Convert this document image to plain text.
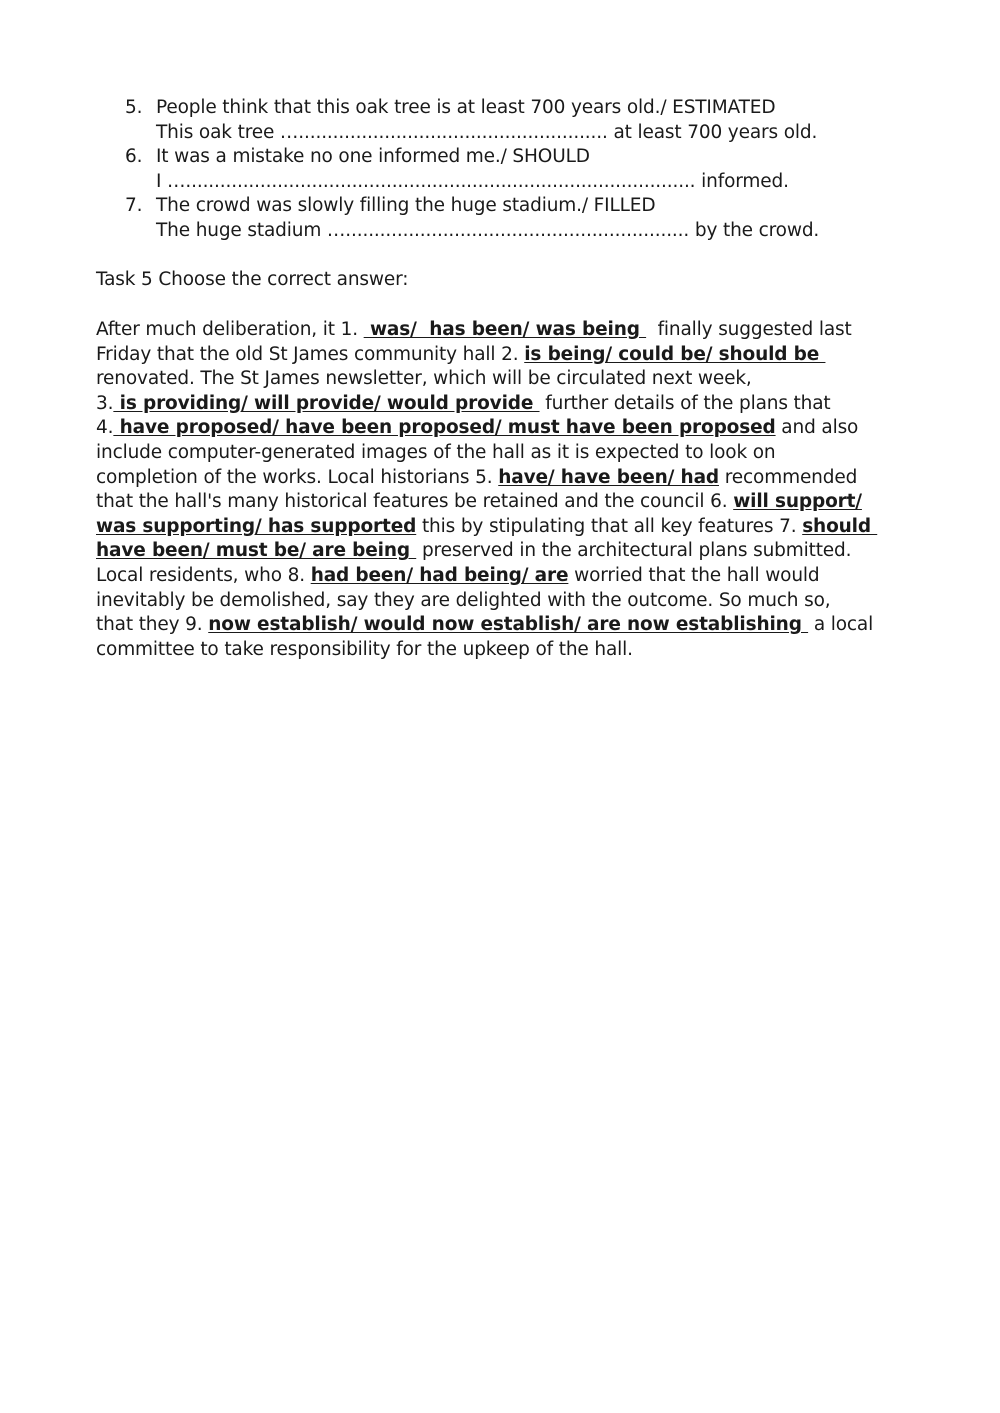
5. People think that this oak tree is at least 700 years old./ ESTIMATED
This oak tree …...................................................... at least 700 years old.
6. It was a mistake no one informed me./ SHOULD
I …......................................................................................... informed.
7. The crowd was slowly filling the huge stadium./ FILLED
The huge stadium …............................................................ by the crowd.

Task 5 Choose the correct answer:

After much deliberation, it 1.  was/  has been/ was being   finally suggested last
Friday that the old St James community hall 2. is being/ could be/ should be
renovated. The St James newsletter, which will be circulated next week,
3. is providing/ will provide/ would provide  further details of the plans that
4. have proposed/ have been proposed/ must have been proposed and also
include computer-generated images of the hall as it is expected to look on
completion of the works. Local historians 5. have/ have been/ had recommended
that the hall's many historical features be retained and the council 6. will support/
was supporting/ has supported this by stipulating that all key features 7. should
have been/ must be/ are being  preserved in the architectural plans submitted.
Local residents, who 8. had been/ had being/ are worried that the hall would
inevitably be demolished, say they are delighted with the outcome. So much so,
that they 9. now establish/ would now establish/ are now establishing  a local
committee to take responsibility for the upkeep of the hall.
